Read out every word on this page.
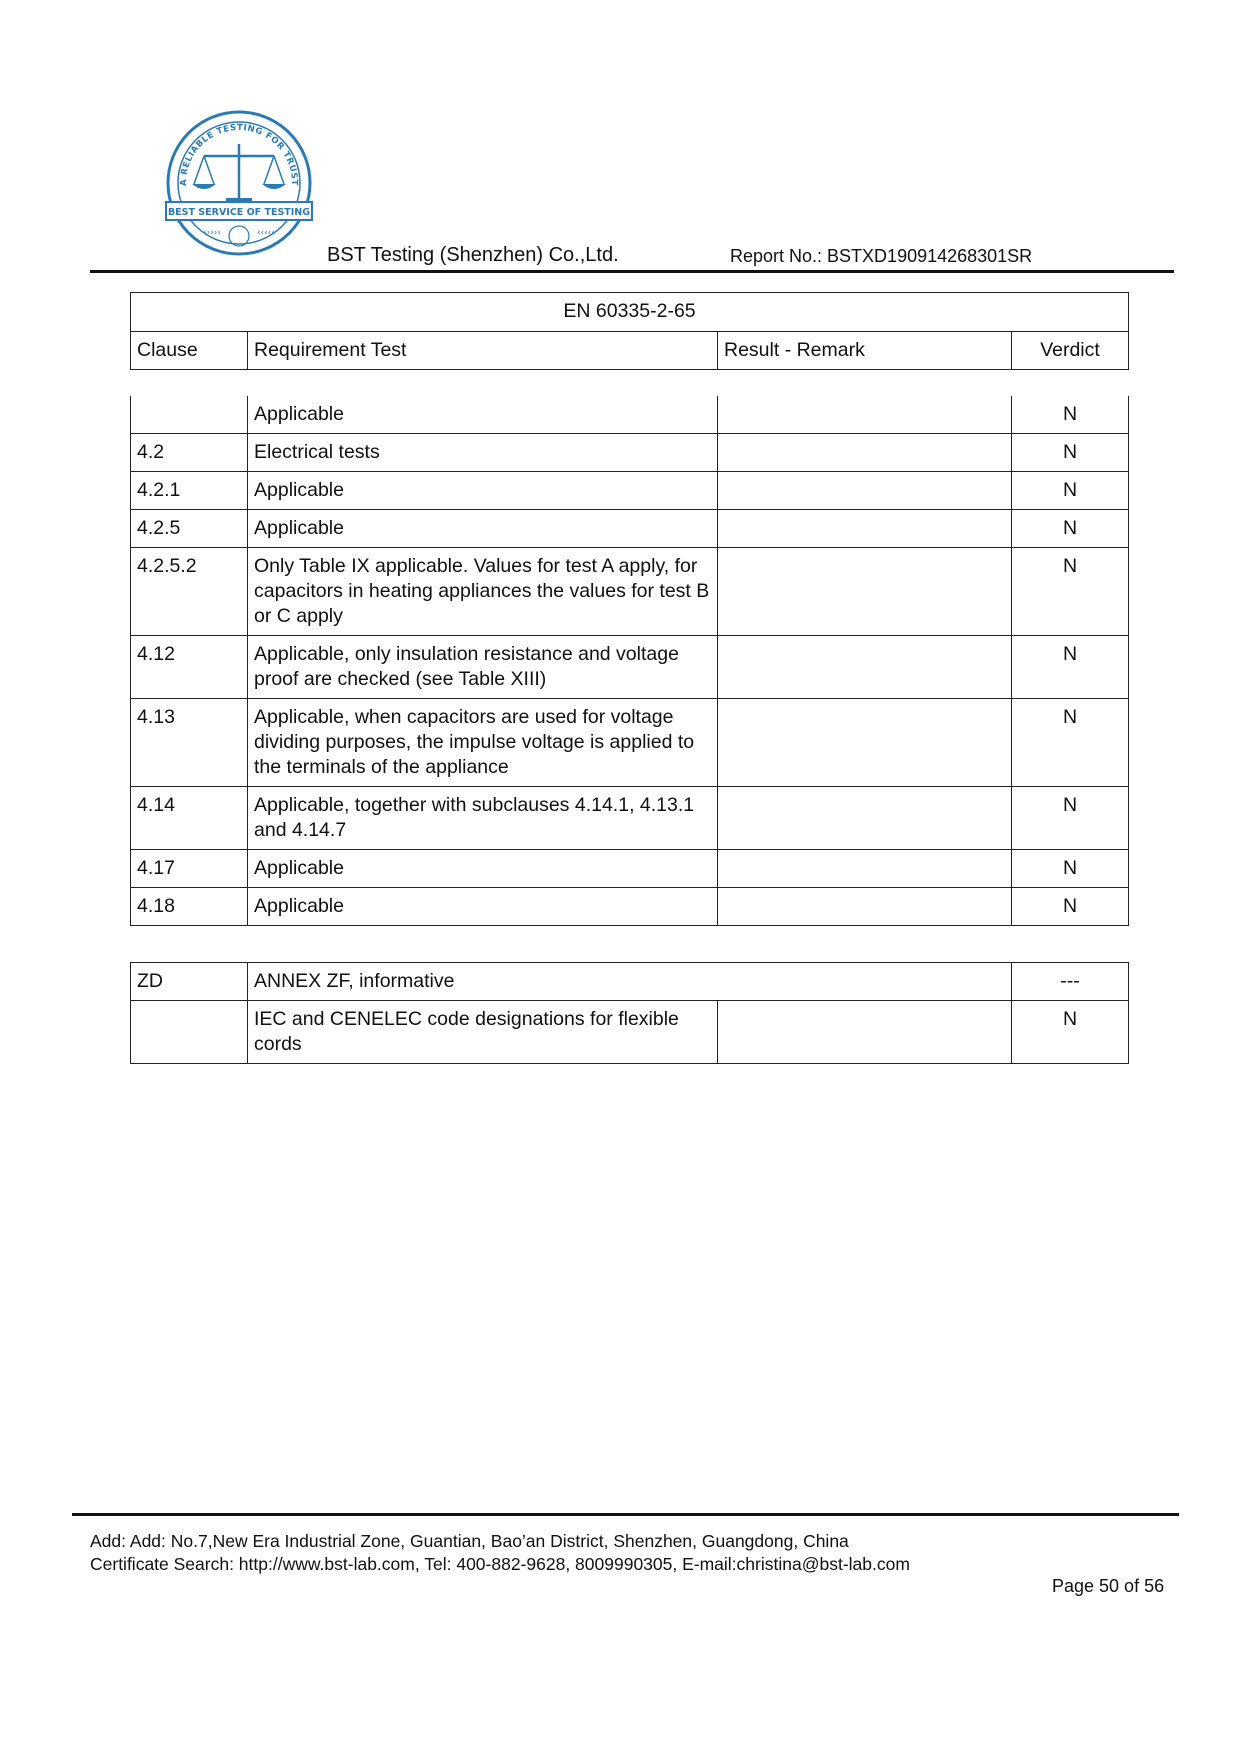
A RELIABLE TESTING FOR TRUST
BEST SERVICE OF TESTING
›››››	‹‹‹‹‹
BST Testing (Shenzhen) Co.,Ltd.	Report No.: BSTXD190914268301SR
EN 60335-2-65
Clause	Requirement Test	Result - Remark	Verdict
	Applicable		N
4.2	Electrical tests		N
4.2.1	Applicable		N
4.2.5	Applicable		N
4.2.5.2	Only Table IX applicable. Values for test A apply, for capacitors in heating appliances the values for test B or C apply		N
4.12	Applicable, only insulation resistance and voltage proof are checked (see Table XIII)		N
4.13	Applicable, when capacitors are used for voltage dividing purposes, the impulse voltage is applied to the terminals of the appliance		N
4.14	Applicable, together with subclauses 4.14.1, 4.13.1 and 4.14.7		N
4.17	Applicable		N
4.18	Applicable		N
ZD	ANNEX ZF, informative		---
	IEC and CENELEC code designations for flexible cords		N
Add: Add: No.7,New Era Industrial Zone, Guantian, Bao’an District, Shenzhen, Guangdong, China
Certificate Search: http://www.bst-lab.com, Tel: 400-882-9628, 8009990305, E-mail:christina@bst-lab.com
Page 50 of 56
